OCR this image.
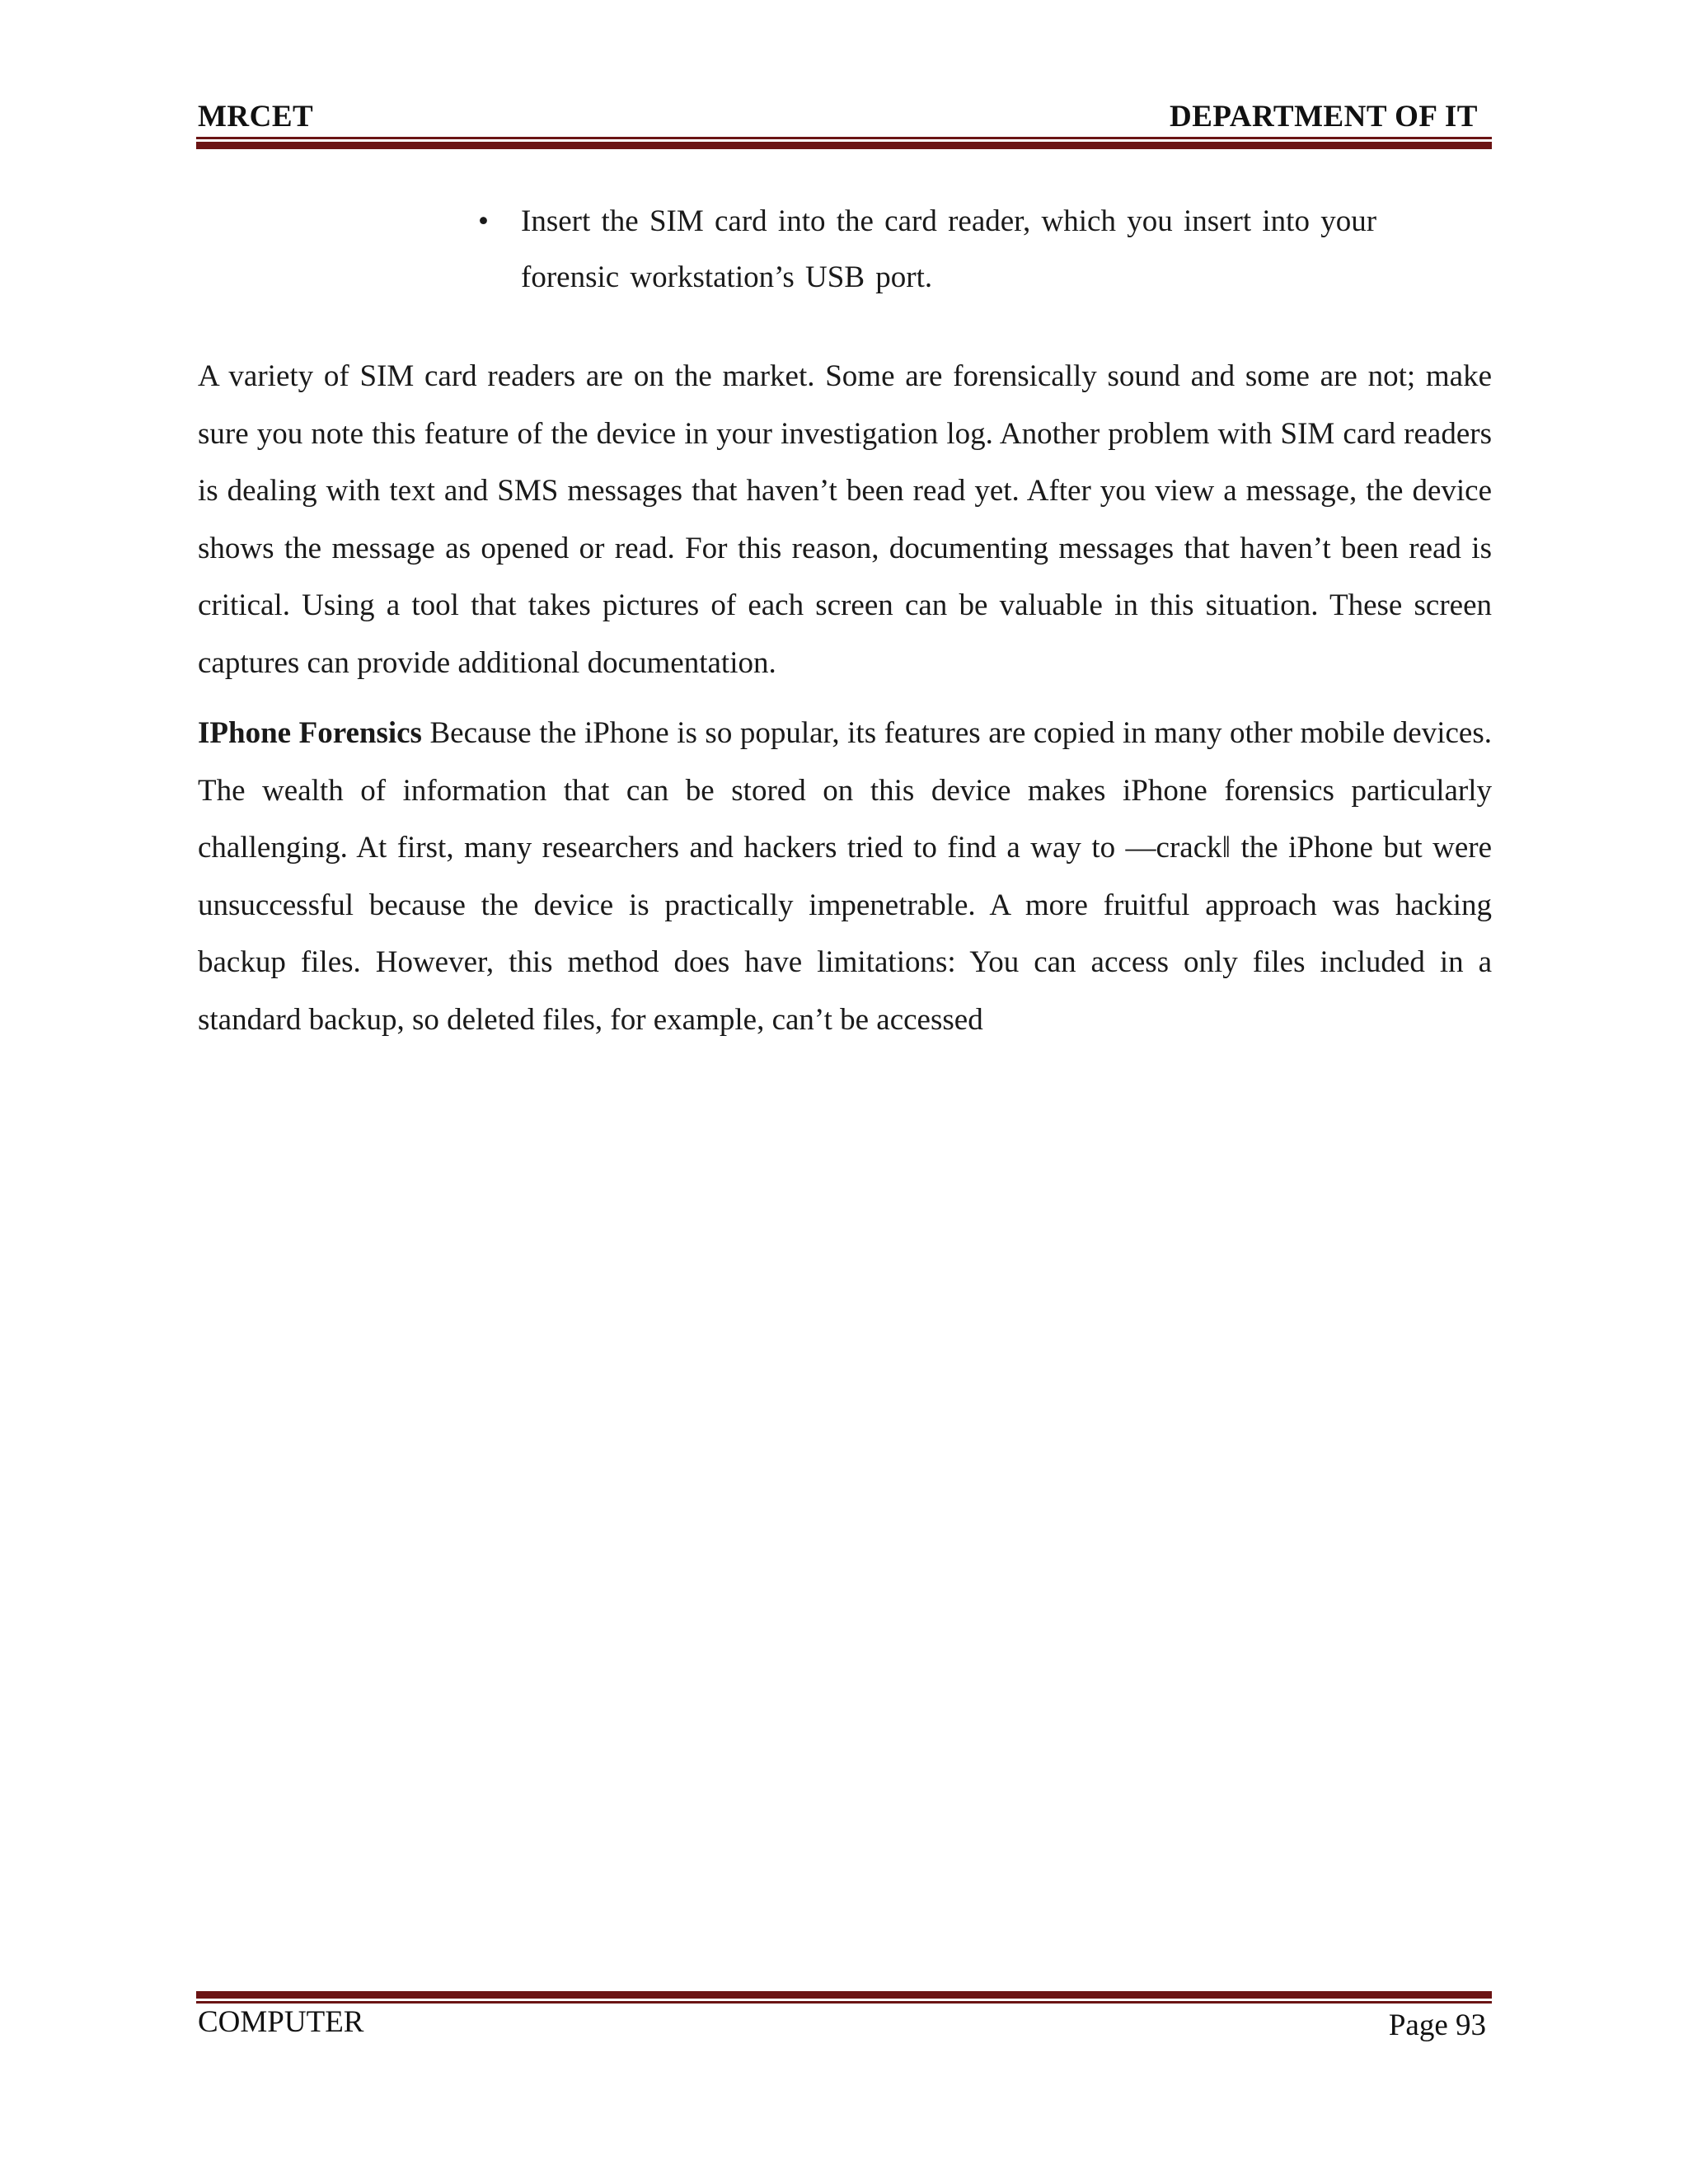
MRCET	DEPARTMENT OF IT
• Insert the SIM card into the card reader, which you insert into your forensic workstation’s USB port.

A variety of SIM card readers are on the market. Some are forensically sound and some are not; make sure you note this feature of the device in your investigation log. Another problem with SIM card readers is dealing with text and SMS messages that haven’t been read yet. After you view a message, the device shows the message as opened or read. For this reason, documenting messages that haven’t been read is critical. Using a tool that takes pictures of each screen can be valuable in this situation. These screen captures can provide additional documentation.

IPhone Forensics Because the iPhone is so popular, its features are copied in many other mobile devices. The wealth of information that can be stored on this device makes iPhone forensics particularly challenging. At first, many researchers and hackers tried to find a way to ―crack‖ the iPhone but were unsuccessful because the device is practically impenetrable. A more fruitful approach was hacking backup files. However, this method does have limitations: You can access only files included in a standard backup, so deleted files, for example, can’t be accessed

COMPUTER	Page 93
